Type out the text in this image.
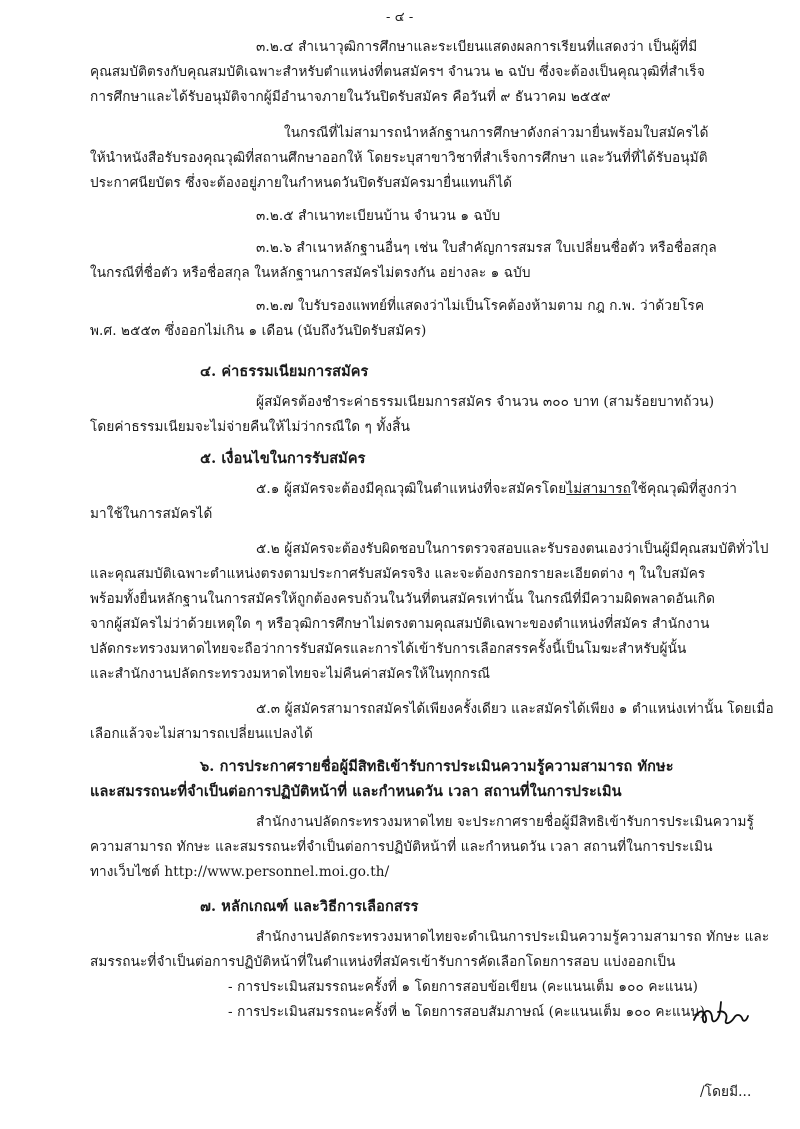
- ๔ -
๓.๒.๔ สำเนาวุฒิการศึกษาและระเบียนแสดงผลการเรียนที่แสดงว่า เป็นผู้ที่มี
คุณสมบัติตรงกับคุณสมบัติเฉพาะสำหรับตำแหน่งที่ตนสมัครฯ จำนวน ๒ ฉบับ ซึ่งจะต้องเป็นคุณวุฒิที่สำเร็จ
การศึกษาและได้รับอนุมัติจากผู้มีอำนาจภายในวันปิดรับสมัคร คือวันที่ ๙ ธันวาคม ๒๕๕๙
ในกรณีที่ไม่สามารถนำหลักฐานการศึกษาดังกล่าวมายื่นพร้อมใบสมัครได้
ให้นำหนังสือรับรองคุณวุฒิที่สถานศึกษาออกให้ โดยระบุสาขาวิชาที่สำเร็จการศึกษา และวันที่ที่ได้รับอนุมัติ
ประกาศนียบัตร ซึ่งจะต้องอยู่ภายในกำหนดวันปิดรับสมัครมายื่นแทนก็ได้
๓.๒.๕ สำเนาทะเบียนบ้าน จำนวน ๑ ฉบับ
๓.๒.๖ สำเนาหลักฐานอื่นๆ เช่น ใบสำคัญการสมรส ใบเปลี่ยนชื่อตัว หรือชื่อสกุล
ในกรณีที่ชื่อตัว หรือชื่อสกุล ในหลักฐานการสมัครไม่ตรงกัน อย่างละ ๑ ฉบับ
๓.๒.๗ ใบรับรองแพทย์ที่แสดงว่าไม่เป็นโรคต้องห้ามตาม กฎ ก.พ. ว่าด้วยโรค
พ.ศ. ๒๕๕๓ ซึ่งออกไม่เกิน ๑ เดือน (นับถึงวันปิดรับสมัคร)
๔. ค่าธรรมเนียมการสมัคร
ผู้สมัครต้องชำระค่าธรรมเนียมการสมัคร จำนวน ๓๐๐ บาท (สามร้อยบาทถ้วน)
โดยค่าธรรมเนียมจะไม่จ่ายคืนให้ไม่ว่ากรณีใด ๆ ทั้งสิ้น
๕. เงื่อนไขในการรับสมัคร
๕.๑ ผู้สมัครจะต้องมีคุณวุฒิในตำแหน่งที่จะสมัครโดยไม่สามารถใช้คุณวุฒิที่สูงกว่า
มาใช้ในการสมัครได้
๕.๒ ผู้สมัครจะต้องรับผิดชอบในการตรวจสอบและรับรองตนเองว่าเป็นผู้มีคุณสมบัติทั่วไป
และคุณสมบัติเฉพาะตำแหน่งตรงตามประกาศรับสมัครจริง และจะต้องกรอกรายละเอียดต่าง ๆ ในใบสมัคร
พร้อมทั้งยื่นหลักฐานในการสมัครให้ถูกต้องครบถ้วนในวันที่ตนสมัครเท่านั้น ในกรณีที่มีความผิดพลาดอันเกิด
จากผู้สมัครไม่ว่าด้วยเหตุใด ๆ หรือวุฒิการศึกษาไม่ตรงตามคุณสมบัติเฉพาะของตำแหน่งที่สมัคร สำนักงาน
ปลัดกระทรวงมหาดไทยจะถือว่าการรับสมัครและการได้เข้ารับการเลือกสรรครั้งนี้เป็นโมฆะสำหรับผู้นั้น
และสำนักงานปลัดกระทรวงมหาดไทยจะไม่คืนค่าสมัครให้ในทุกกรณี
๕.๓ ผู้สมัครสามารถสมัครได้เพียงครั้งเดียว และสมัครได้เพียง ๑ ตำแหน่งเท่านั้น โดยเมื่อ
เลือกแล้วจะไม่สามารถเปลี่ยนแปลงได้
๖. การประกาศรายชื่อผู้มีสิทธิเข้ารับการประเมินความรู้ความสามารถ ทักษะ
และสมรรถนะที่จำเป็นต่อการปฏิบัติหน้าที่ และกำหนดวัน เวลา สถานที่ในการประเมิน
สำนักงานปลัดกระทรวงมหาดไทย จะประกาศรายชื่อผู้มีสิทธิเข้ารับการประเมินความรู้
ความสามารถ ทักษะ และสมรรถนะที่จำเป็นต่อการปฏิบัติหน้าที่ และกำหนดวัน เวลา สถานที่ในการประเมิน
ทางเว็บไซต์ http://www.personnel.moi.go.th/
๗. หลักเกณฑ์ และวิธีการเลือกสรร
สำนักงานปลัดกระทรวงมหาดไทยจะดำเนินการประเมินความรู้ความสามารถ ทักษะ และ
สมรรถนะที่จำเป็นต่อการปฏิบัติหน้าที่ในตำแหน่งที่สมัครเข้ารับการคัดเลือกโดยการสอบ แบ่งออกเป็น
- การประเมินสมรรถนะครั้งที่ ๑ โดยการสอบข้อเขียน (คะแนนเต็ม ๑๐๐ คะแนน)
- การประเมินสมรรถนะครั้งที่ ๒ โดยการสอบสัมภาษณ์ (คะแนนเต็ม ๑๐๐ คะแนน)
/โดยมี...
